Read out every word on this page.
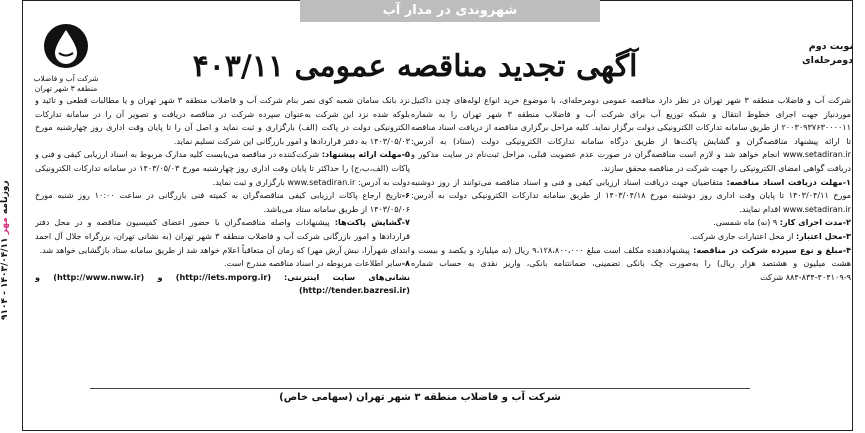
شهروندی در مدار آب
شرکت آب و فاضلاب
منطقه ۳ شهر تهران
آگهی تجدید مناقصه عمومی ۴۰۳/۱۱
نوبت دوم
دومرحله‌ای

شرکت آب و فاضلاب منطقه ۳ شهر تهران در نظر دارد مناقصه عمومی دومرحله‌ای، با موضوع خرید انواع لوله‌های چدن داکتیل موردنیاز جهت اجرای خطوط انتقال و شبکه توزیع آب برای شرکت آب و فاضلاب منطقه ۳ شهر تهران را به شماره ۲۰۰۳۰۹۳۷۶۳۰۰۰۰۱۱ از طریق سامانه تدارکات الکترونیکی دولت برگزار نماید. کلیه مراحل برگزاری مناقصه از دریافت اسناد مناقصه تا ارائه پیشنهاد مناقصه‌گران و گشایش پاکت‌ها از طریق درگاه سامانه تدارکات الکترونیکی دولت (ستاد) به آدرس: www.setadiran.ir انجام خواهد شد و لازم است مناقصه‌گران در صورت عدم عضویت قبلی، مراحل ثبت‌نام در سایت مذکور و دریافت گواهی امضای الکترونیکی را جهت شرکت در مناقصه محقق سازند.

۱-مهلت دریافت اسناد مناقصه: متقاضیان جهت دریافت اسناد ارزیابی کیفی و فنی و اسناد مناقصه می‌توانند از روز دوشنبه مورخ ۱۴۰۳/۰۴/۱۱ تا پایان وقت اداری روز دوشنبه مورخ ۱۴۰۳/۰۴/۱۸ از طریق سامانه تدارکات الکترونیکی دولت به آدرس: www.setadiran.ir اقدام نمایند.

۲-مدت اجرای کار: ۹ (نه) ماه شمسی.

۳-محل اعتبار: از محل اعتبارات جاری شرکت.

۴-مبلغ و نوع سپرده شرکت در مناقصه: پیشنهاددهنده مکلف است مبلغ ۹،۱۲۸،۸۰۰،۰۰۰ ریال (نه میلیارد و یکصد و بیست و هشت میلیون و هشتصد هزار ریال) را به‌صورت چک بانکی تضمینی، ضمانتنامه بانکی، واریز نقدی به حساب شماره ۹-۴۰۴۱۰۹-۸۳۴-۸۸۴ شرکت

نزد بانک سامان شعبه کوی نصر بنام شرکت آب و فاضلاب منطقه ۳ شهر تهران و یا مطالبات قطعی و تائید و بلوکه شده نزد این شرکت به‌عنوان سپرده شرکت در مناقصه دریافت و تصویر آن را در سامانه تدارکات الکترونیکی دولت در پاکت (الف) بارگزاری و ثبت نماید و اصل آن را تا پایان وقت اداری روز چهارشنبه مورخ ۱۴۰۳/۰۵/۰۳ به دفتر قراردادها و امور بازرگانی این شرکت تسلیم نماید.

۵-مهلت ارائه پیشنهاد: شرکت‌کننده در مناقصه می‌بایست کلیه مدارک مربوط به اسناد ارزیابی کیفی و فنی و پاکات (الف،ب،ج) را حداکثر تا پایان وقت اداری روز چهارشنبه مورخ ۱۴۰۳/۰۵/۰۳ در سامانه تدارکات الکترونیکی دولت به آدرس: www.setadiran.ir بارگزاری و ثبت نماید.

۶-تاریخ ارجاع پاکات ارزیابی کیفی مناقصه‌گران به کمیته فنی بازرگانی در ساعت ۱۰:۰۰ روز شنبه مورخ ۱۴۰۳/۰۵/۰۶ از طریق سامانه ستاد می‌باشد.

۷-گشایش پاکت‌ها: پیشنهادات واصله مناقصه‌گران با حضور اعضای کمیسیون مناقصه و در محل دفتر قراردادها و امور بازرگانی شرکت آب و فاضلاب منطقه ۳ شهر تهران (به نشانی تهران، بزرگراه جلال آل احمد ابتدای شهرآرا، نبش آرش مهر) که زمان آن متعاقباً اعلام خواهد شد از طریق سامانه ستاد بازگشایی خواهد شد.

۸-سایر اطلاعات مربوطه در اسناد مناقصه مندرج است.

نشانی‌های سایت اینترنتی: (http://iets.mporg.ir) و (http://www.nww.ir) و (http://tender.bazresi.ir)

شرکت آب و فاضلاب منطقه ۳ شهر تهران (سهامی خاص)
روزنامه مهر ۱۴۰۳/۰۴/۱۱ - ۹۱۰۴
